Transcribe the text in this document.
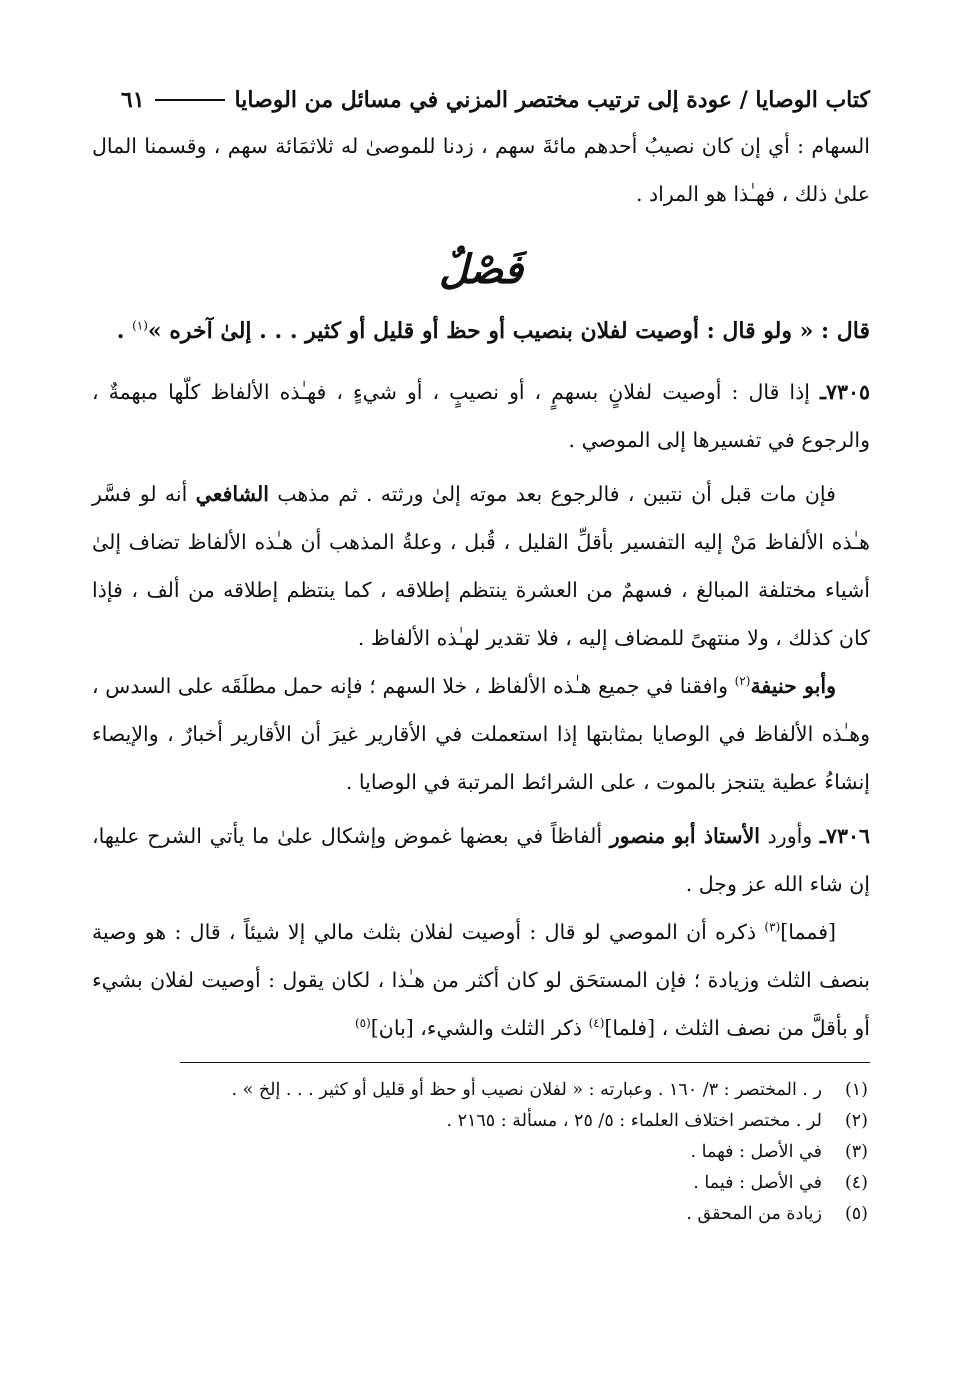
كتاب الوصايا / عودة إلى ترتيب مختصر المزني في مسائل من الوصايا
٦١

السهام : أي إن كان نصيبُ أحدهم مائةَ سهم ، زدنا للموصىٰ له ثلاثمَائة سهم ، وقسمنا المال علىٰ ذلك ، فهـٰذا هو المراد .

فَصْلٌ

قال : « ولو قال : أوصيت لفلان بنصيب أو حظ أو قليل أو كثير . . . إلىٰ آخره »$^{(١)}$ .

٧٣٠٥ـ إذا قال : أوصيت لفلانٍ بسهمٍ ، أو نصيبٍ ، أو شيءٍ ، فهـٰذه الألفاظ كلّها مبهمةٌ ، والرجوع في تفسيرها إلى الموصي .

فإن مات قبل أن نتبين ، فالرجوع بعد موته إلىٰ ورثته . ثم مذهب الشافعي أنه لو فسَّر هـٰذه الألفاظ مَنْ إليه التفسير بأقلِّ القليل ، قُبل ، وعلةُ المذهب أن هـٰذه الألفاظ تضاف إلىٰ أشياء مختلفة المبالغ ، فسهمٌ من العشرة ينتظم إطلاقه ، كما ينتظم إطلاقه من ألف ، فإذا كان كذلك ، ولا منتهىً للمضاف إليه ، فلا تقدير لهـٰذه الألفاظ .

وأبو حنيفة$^{(٢)}$ وافقنا في جميع هـٰذه الألفاظ ، خلا السهم ؛ فإنه حمل مطلَقَه على السدس ، وهـٰذه الألفاظ في الوصايا بمثابتها إذا استعملت في الأقارير غيرَ أن الأقارير أخبارٌ ، والإيصاء إنشاءُ عطية يتنجز بالموت ، على الشرائط المرتبة في الوصايا .

٧٣٠٦ـ وأورد الأستاذ أبو منصور ألفاظاً في بعضها غموض وإشكال علىٰ ما يأتي الشرح عليها، إن شاء الله عز وجل .

[فمما]$^{(٣)}$ ذكره أن الموصي لو قال : أوصيت لفلان بثلث مالي إلا شيئاً ، قال : هو وصية بنصف الثلث وزيادة ؛ فإن المستحَق لو كان أكثر من هـٰذا ، لكان يقول : أوصيت لفلان بشيء أو بأقلَّ من نصف الثلث ، [فلما]$^{(٤)}$ ذكر الثلث والشيء، [بان]$^{(٥)}$

(١)
ر . المختصر : ٣/ ١٦٠ . وعبارته : « لفلان نصيب أو حظ أو قليل أو كثير . . . إلخ » .
(٢)
لر . مختصر اختلاف العلماء : ٥/ ٢٥ ، مسألة : ٢١٦٥ .
(٣)
في الأصل : فهما .
(٤)
في الأصل : فيما .
(٥)
زيادة من المحقق .
